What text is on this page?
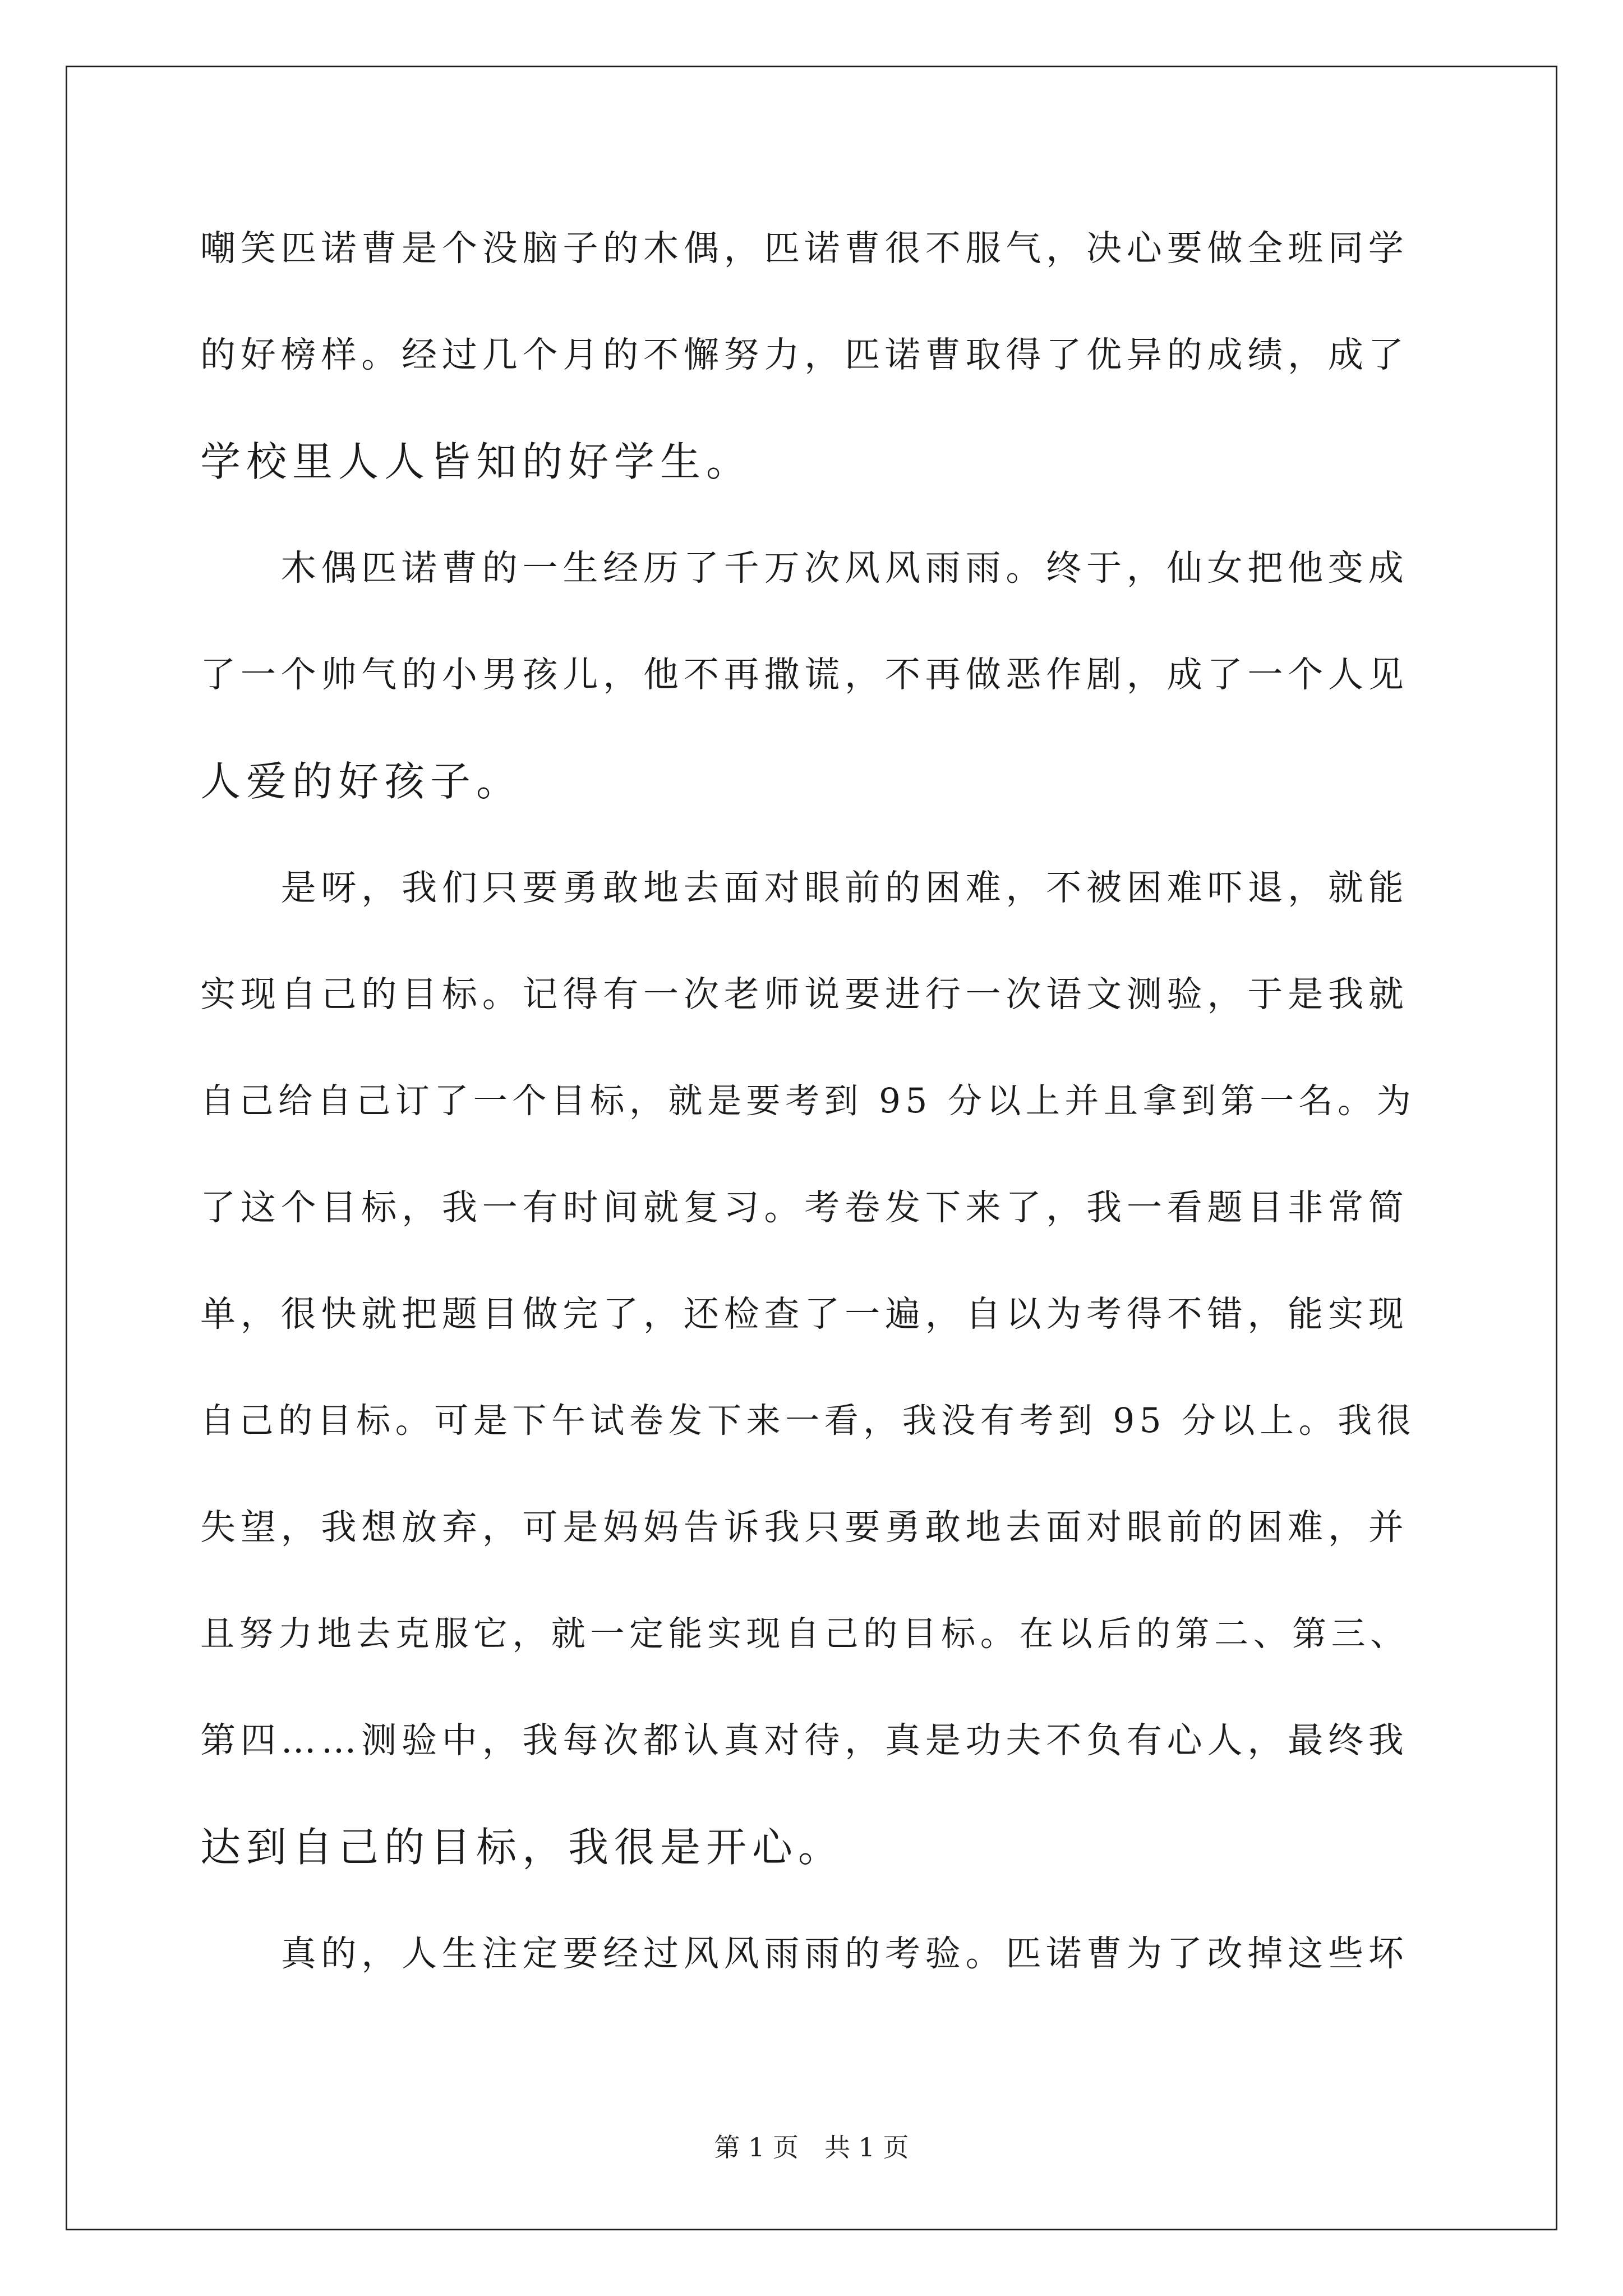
嘲笑匹诺曹是个没脑子的木偶，匹诺曹很不服气，决心要做全班同学
的好榜样。经过几个月的不懈努力，匹诺曹取得了优异的成绩，成了
学校里人人皆知的好学生。
　　木偶匹诺曹的一生经历了千万次风风雨雨。终于，仙女把他变成
了一个帅气的小男孩儿，他不再撒谎，不再做恶作剧，成了一个人见
人爱的好孩子。
　　是呀，我们只要勇敢地去面对眼前的困难，不被困难吓退，就能
实现自己的目标。记得有一次老师说要进行一次语文测验，于是我就
自己给自己订了一个目标，就是要考到 95 分以上并且拿到第一名。为
了这个目标，我一有时间就复习。考卷发下来了，我一看题目非常简
单，很快就把题目做完了，还检查了一遍，自以为考得不错，能实现
自己的目标。可是下午试卷发下来一看，我没有考到 95 分以上。我很
失望，我想放弃，可是妈妈告诉我只要勇敢地去面对眼前的困难，并
且努力地去克服它，就一定能实现自己的目标。在以后的第二、第三、
第四……测验中，我每次都认真对待，真是功夫不负有心人，最终我
达到自己的目标，我很是开心。
　　真的，人生注定要经过风风雨雨的考验。匹诺曹为了改掉这些坏
第 1 页　共 1 页
